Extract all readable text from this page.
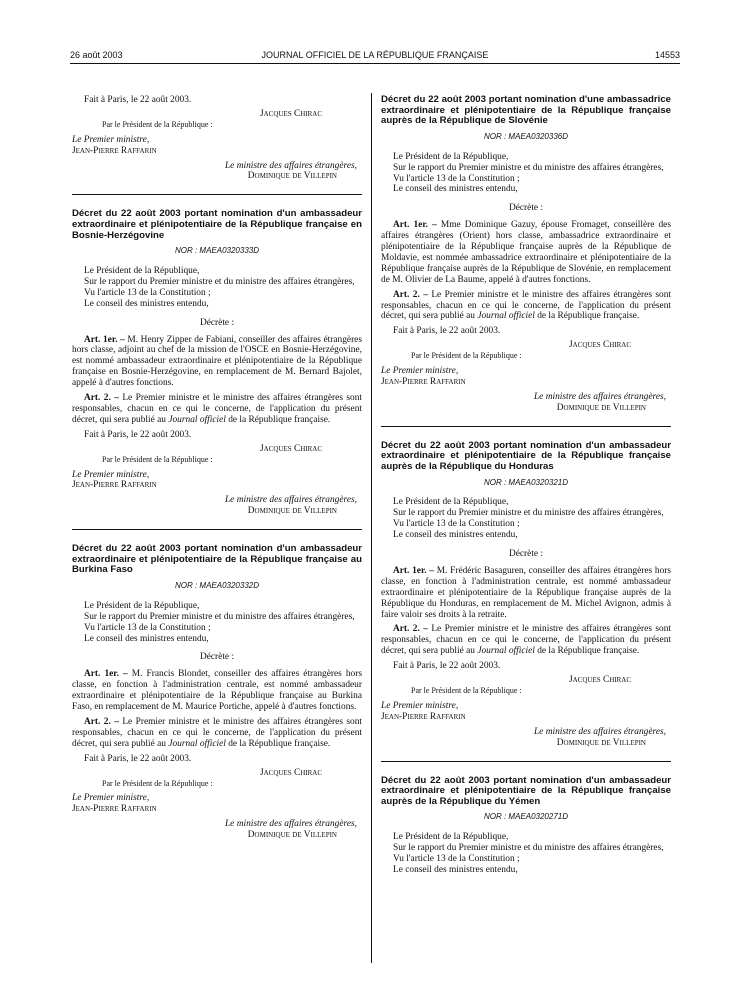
26 août 2003	JOURNAL OFFICIEL DE LA RÉPUBLIQUE FRANÇAISE	14553

Fait à Paris, le 22 août 2003.

Jacques Chirac

Par le Président de la République :

Le Premier ministre,

Jean-Pierre Raffarin

Le ministre des affaires étrangères,

Dominique de Villepin

Décret du 22 août 2003 portant nomination d'un ambassadeur extraordinaire et plénipotentiaire de la République française en Bosnie-Herzégovine

NOR : MAEA0320333D

Le Président de la République,

Sur le rapport du Premier ministre et du ministre des affaires étrangères,

Vu l'article 13 de la Constitution ;

Le conseil des ministres entendu,

Décrète :

Art. 1er. – M. Henry Zipper de Fabiani, conseiller des affaires étrangères hors classe, adjoint au chef de la mission de l'OSCE en Bosnie-Herzégovine, est nommé ambassadeur extraordinaire et plénipotentiaire de la République française en Bosnie-Herzégovine, en remplacement de M. Bernard Bajolet, appelé à d'autres fonctions.

Art. 2. – Le Premier ministre et le ministre des affaires étrangères sont responsables, chacun en ce qui le concerne, de l'application du présent décret, qui sera publié au Journal officiel de la République française.

Fait à Paris, le 22 août 2003.

Jacques Chirac

Par le Président de la République :

Le Premier ministre,

Jean-Pierre Raffarin

Le ministre des affaires étrangères,

Dominique de Villepin

Décret du 22 août 2003 portant nomination d'un ambassadeur extraordinaire et plénipotentiaire de la République française au Burkina Faso

NOR : MAEA0320332D

Le Président de la République,

Sur le rapport du Premier ministre et du ministre des affaires étrangères,

Vu l'article 13 de la Constitution ;

Le conseil des ministres entendu,

Décrète :

Art. 1er. – M. Francis Blondet, conseiller des affaires étrangères hors classe, en fonction à l'administration centrale, est nommé ambassadeur extraordinaire et plénipotentiaire de la République française au Burkina Faso, en remplacement de M. Maurice Portiche, appelé à d'autres fonctions.

Art. 2. – Le Premier ministre et le ministre des affaires étrangères sont responsables, chacun en ce qui le concerne, de l'application du présent décret, qui sera publié au Journal officiel de la République française.

Fait à Paris, le 22 août 2003.

Jacques Chirac

Par le Président de la République :

Le Premier ministre,

Jean-Pierre Raffarin

Le ministre des affaires étrangères,

Dominique de Villepin

Décret du 22 août 2003 portant nomination d'une ambassadrice extraordinaire et plénipotentiaire de la République française auprès de la République de Slovénie

NOR : MAEA0320336D

Le Président de la République,

Sur le rapport du Premier ministre et du ministre des affaires étrangères,

Vu l'article 13 de la Constitution ;

Le conseil des ministres entendu,

Décrète :

Art. 1er. – Mme Dominique Gazuy, épouse Fromaget, conseillère des affaires étrangères (Orient) hors classe, ambassadrice extraordinaire et plénipotentiaire de la République française auprès de la République de Moldavie, est nommée ambassadrice extraordinaire et plénipotentiaire de la République française auprès de la République de Slovénie, en remplacement de M. Olivier de La Baume, appelé à d'autres fonctions.

Art. 2. – Le Premier ministre et le ministre des affaires étrangères sont responsables, chacun en ce qui le concerne, de l'application du présent décret, qui sera publié au Journal officiel de la République française.

Fait à Paris, le 22 août 2003.

Jacques Chirac

Par le Président de la République :

Le Premier ministre,

Jean-Pierre Raffarin

Le ministre des affaires étrangères,

Dominique de Villepin

Décret du 22 août 2003 portant nomination d'un ambassadeur extraordinaire et plénipotentiaire de la République française auprès de la République du Honduras

NOR : MAEA0320321D

Le Président de la République,

Sur le rapport du Premier ministre et du ministre des affaires étrangères,

Vu l'article 13 de la Constitution ;

Le conseil des ministres entendu,

Décrète :

Art. 1er. – M. Frédéric Basaguren, conseiller des affaires étrangères hors classe, en fonction à l'administration centrale, est nommé ambassadeur extraordinaire et plénipotentiaire de la République française auprès de la République du Honduras, en remplacement de M. Michel Avignon, admis à faire valoir ses droits à la retraite.

Art. 2. – Le Premier ministre et le ministre des affaires étrangères sont responsables, chacun en ce qui le concerne, de l'application du présent décret, qui sera publié au Journal officiel de la République française.

Fait à Paris, le 22 août 2003.

Jacques Chirac

Par le Président de la République :

Le Premier ministre,

Jean-Pierre Raffarin

Le ministre des affaires étrangères,

Dominique de Villepin

Décret du 22 août 2003 portant nomination d'un ambassadeur extraordinaire et plénipotentiaire de la République française auprès de la République du Yémen

NOR : MAEA0320271D

Le Président de la République,

Sur le rapport du Premier ministre et du ministre des affaires étrangères,

Vu l'article 13 de la Constitution ;

Le conseil des ministres entendu,
